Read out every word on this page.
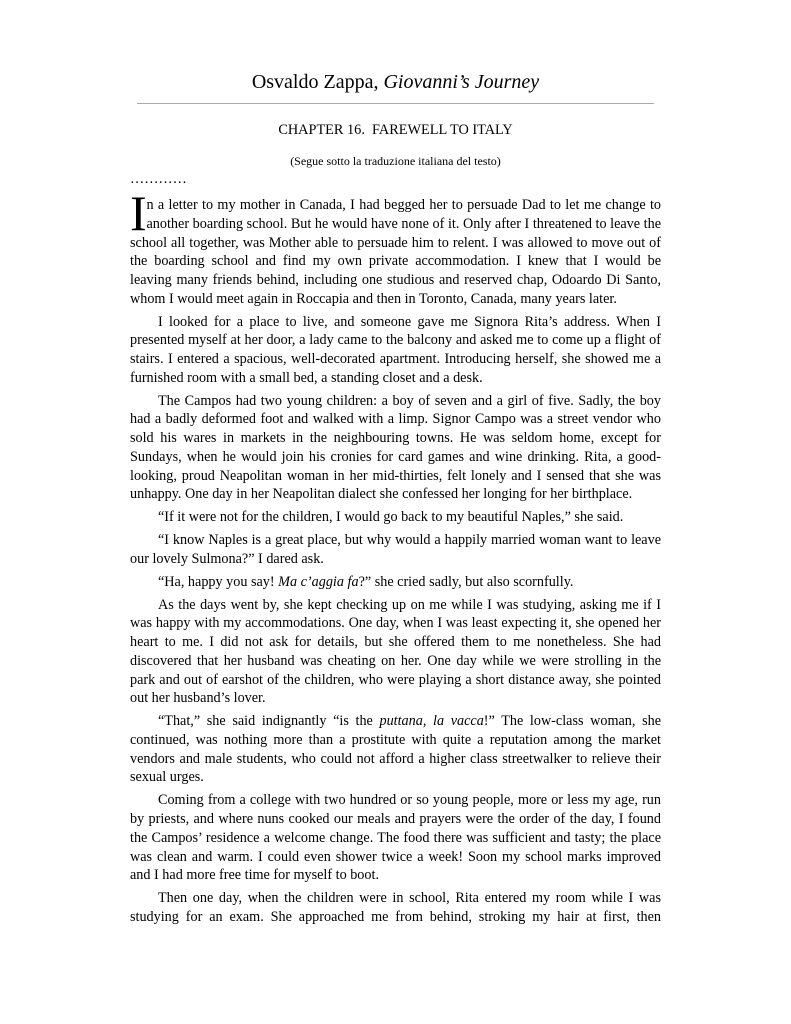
Osvaldo Zappa, Giovanni’s Journey
CHAPTER 16.  FAREWELL TO ITALY
(Segue sotto la traduzione italiana del testo)
…………
I n a letter to my mother in Canada, I had begged her to persuade Dad to let me change to
another boarding school. But he would have none of it. Only after I threatened to leave the
school all together, was Mother able to persuade him to relent. I was allowed to move out of
the boarding school and find my own private accommodation. I knew that I would be
leaving many friends behind, including one studious and reserved chap, Odoardo Di Santo,
whom I would meet again in Roccapia and then in Toronto, Canada, many years later.
I looked for a place to live, and someone gave me Signora Rita’s address. When I
presented myself at her door, a lady came to the balcony and asked me to come up a flight of
stairs. I entered a spacious, well-decorated apartment. Introducing herself, she showed me a
furnished room with a small bed, a standing closet and a desk.
The Campos had two young children: a boy of seven and a girl of five. Sadly, the boy
had a badly deformed foot and walked with a limp. Signor Campo was a street vendor who
sold his wares in markets in the neighbouring towns. He was seldom home, except for
Sundays, when he would join his cronies for card games and wine drinking. Rita, a good-
looking, proud Neapolitan woman in her mid-thirties, felt lonely and I sensed that she was
unhappy. One day in her Neapolitan dialect she confessed her longing for her birthplace.
“If it were not for the children, I would go back to my beautiful Naples,” she said.
“I know Naples is a great place, but why would a happily married woman want to leave
our lovely Sulmona?” I dared ask.
“Ha, happy you say! Ma c’aggia fa?” she cried sadly, but also scornfully.
As the days went by, she kept checking up on me while I was studying, asking me if I
was happy with my accommodations. One day, when I was least expecting it, she opened her
heart to me. I did not ask for details, but she offered them to me nonetheless. She had
discovered that her husband was cheating on her. One day while we were strolling in the
park and out of earshot of the children, who were playing a short distance away, she pointed
out her husband’s lover.
“That,” she said indignantly “is the puttana, la vacca!” The low-class woman, she
continued, was nothing more than a prostitute with quite a reputation among the market
vendors and male students, who could not afford a higher class streetwalker to relieve their
sexual urges.
Coming from a college with two hundred or so young people, more or less my age, run
by priests, and where nuns cooked our meals and prayers were the order of the day, I found
the Campos’ residence a welcome change. The food there was sufficient and tasty; the place
was clean and warm. I could even shower twice a week! Soon my school marks improved
and I had more free time for myself to boot.
Then one day, when the children were in school, Rita entered my room while I was
studying for an exam. She approached me from behind, stroking my hair at first, then
